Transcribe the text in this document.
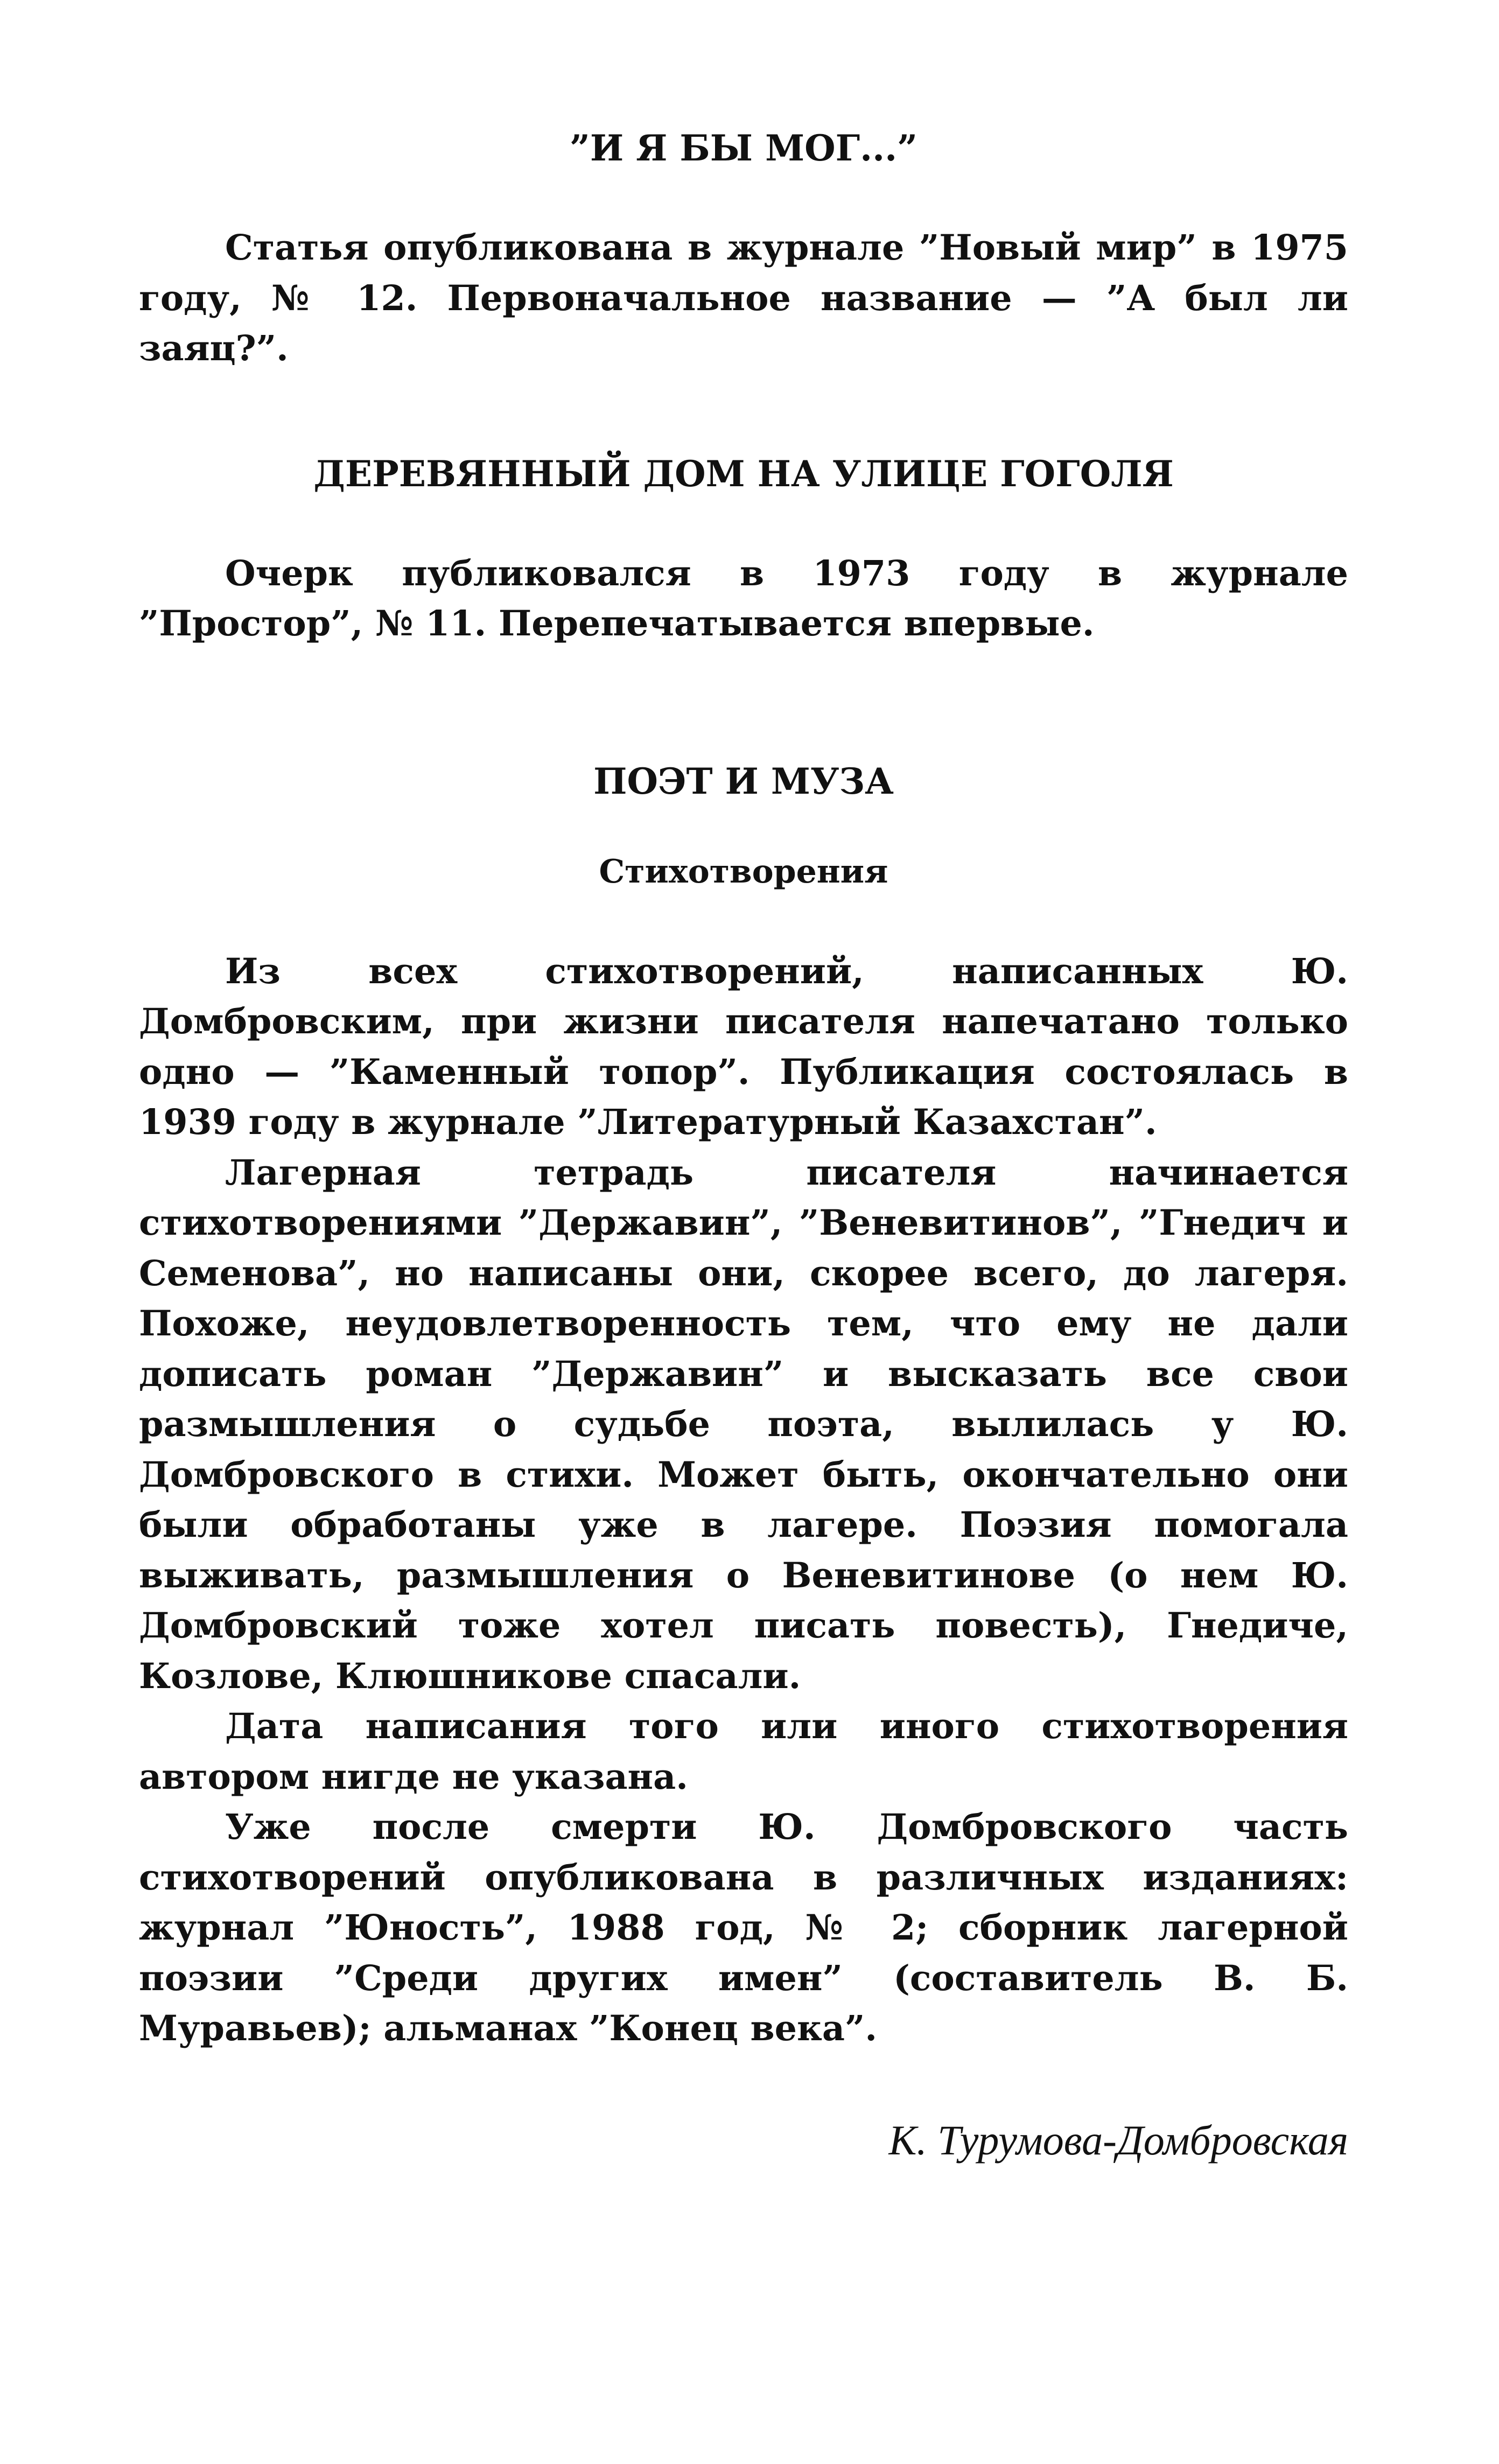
”И Я БЫ МОГ...”

Статья опубликована в журнале ”Новый мир” в 1975 году, № 12. Первоначальное название — ”А был ли заяц?”.

ДЕРЕВЯННЫЙ ДОМ НА УЛИЦЕ ГОГОЛЯ

Очерк публиковался в 1973 году в журнале ”Простор”, № 11. Перепечатывается впервые.

ПОЭТ И МУЗА
Стихотворения

Из всех стихотворений, написанных Ю. Домбровским, при жизни писателя напечатано только одно — ”Каменный топор”. Публикация состоялась в 1939 году в журнале ”Литературный Казахстан”.

Лагерная тетрадь писателя начинается стихотворениями ”Державин”, ”Веневитинов”, ”Гнедич и Семенова”, но написаны они, скорее всего, до лагеря. Похоже, неудовлетворенность тем, что ему не дали дописать роман ”Державин” и высказать все свои размышления о судьбе поэта, вылилась у Ю. Домбровского в стихи. Может быть, окончательно они были обработаны уже в лагере. Поэзия помогала выживать, размышления о Веневитинове (о нем Ю. Домбровский тоже хотел писать повесть), Гнедиче, Козлове, Клюшникове спасали.

Дата написания того или иного стихотворения автором нигде не указана.

Уже после смерти Ю. Домбровского часть стихотворений опубликована в различных изданиях: журнал ”Юность”, 1988 год, № 2; сборник лагерной поэзии ”Среди других имен” (составитель В. Б. Муравьев); альманах ”Конец века”.

К. Турумова-Домбровская
